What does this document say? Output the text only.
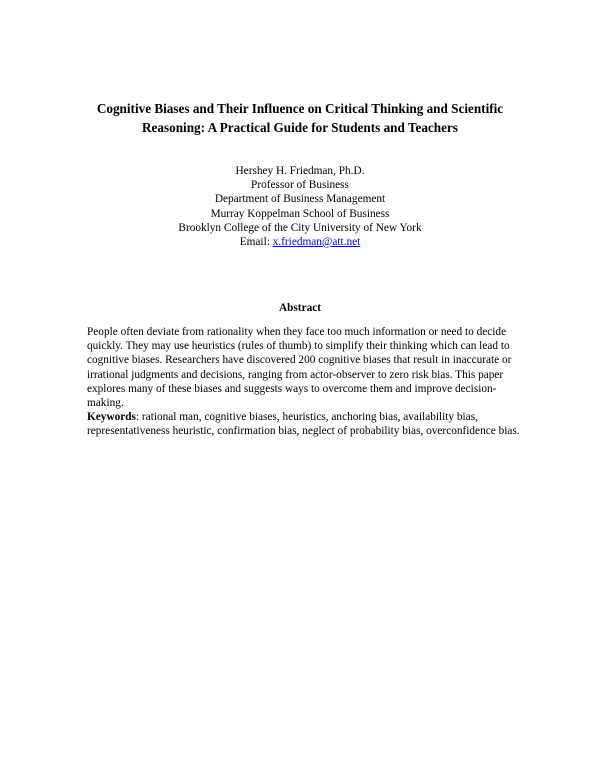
Cognitive Biases and Their Influence on Critical Thinking and Scientific
Reasoning: A Practical Guide for Students and Teachers
Hershey H. Friedman, Ph.D.
Professor of Business
Department of Business Management
Murray Koppelman School of Business
Brooklyn College of the City University of New York
Email: x.friedman@att.net
Abstract
People often deviate from rationality when they face too much information or need to decide
quickly. They may use heuristics (rules of thumb) to simplify their thinking which can lead to
cognitive biases. Researchers have discovered 200 cognitive biases that result in inaccurate or
irrational judgments and decisions, ranging from actor-observer to zero risk bias. This paper
explores many of these biases and suggests ways to overcome them and improve decision-
making.
Keywords: rational man, cognitive biases, heuristics, anchoring bias, availability bias,
representativeness heuristic, confirmation bias, neglect of probability bias, overconfidence bias.
